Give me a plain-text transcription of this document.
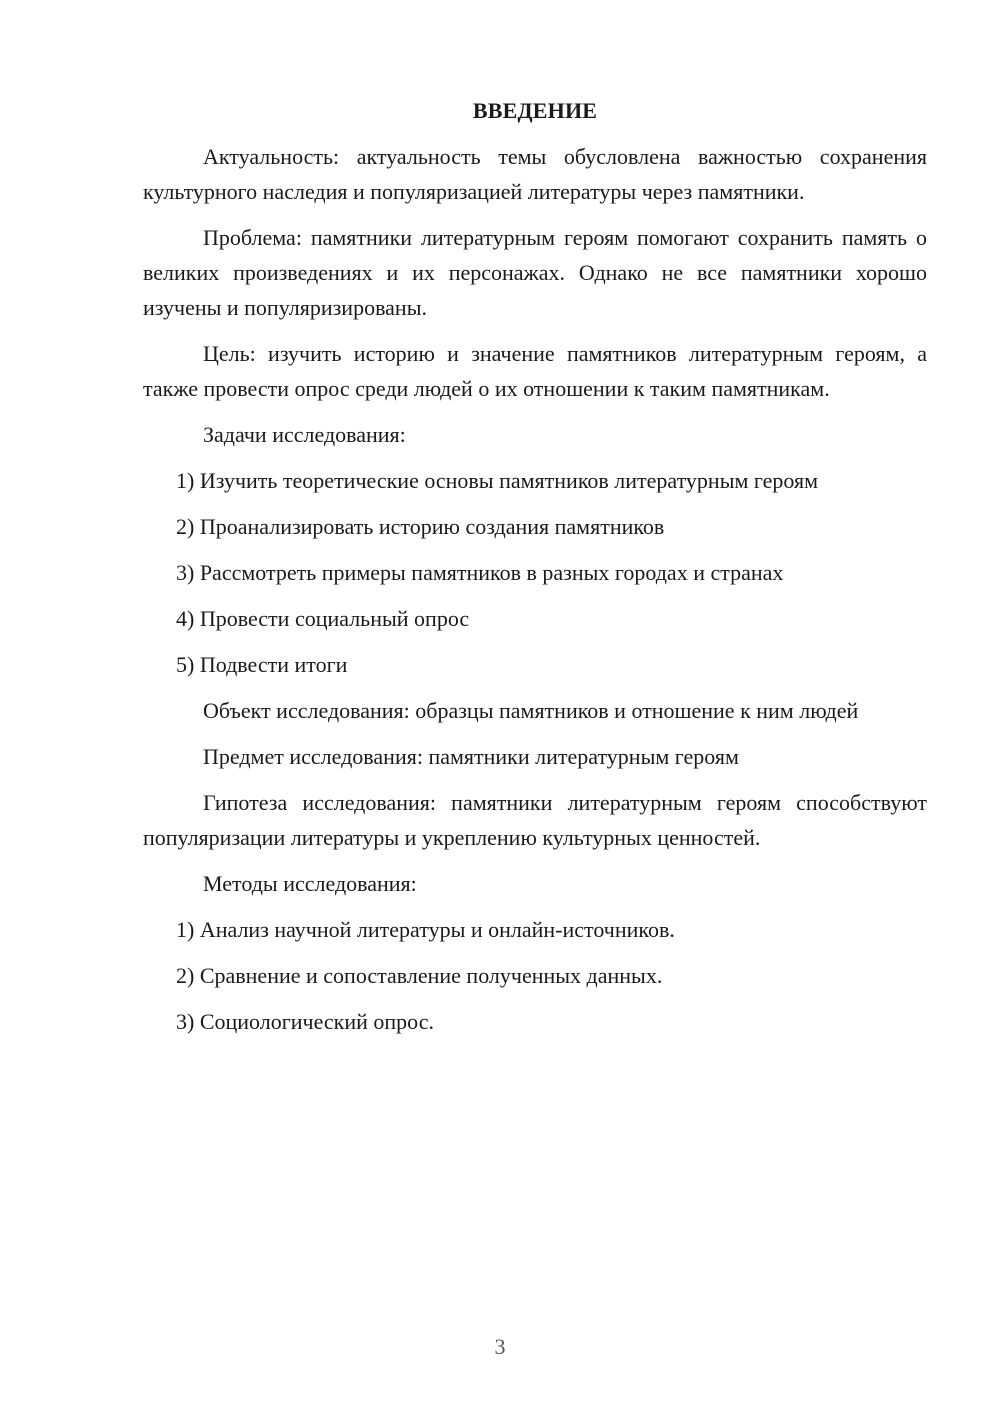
ВВЕДЕНИЕ

Актуальность: актуальность темы обусловлена важностью сохранения культурного наследия и популяризацией литературы через памятники.

Проблема: памятники литературным героям помогают сохранить память о великих произведениях и их персонажах. Однако не все памятники хорошо изучены и популяризированы.

Цель: изучить историю и значение памятников литературным героям, а также провести опрос среди людей о их отношении к таким памятникам.

Задачи исследования:

1) Изучить теоретические основы памятников литературным героям
2) Проанализировать историю создания памятников
3) Рассмотреть примеры памятников в разных городах и странах
4) Провести социальный опрос
5) Подвести итоги

Объект исследования: образцы памятников и отношение к ним людей

Предмет исследования: памятники литературным героям

Гипотеза исследования: памятники литературным героям способствуют популяризации литературы и укреплению культурных ценностей.

Методы исследования:

1) Анализ научной литературы и онлайн-источников.
2) Сравнение и сопоставление полученных данных.
3) Социологический опрос.
3
